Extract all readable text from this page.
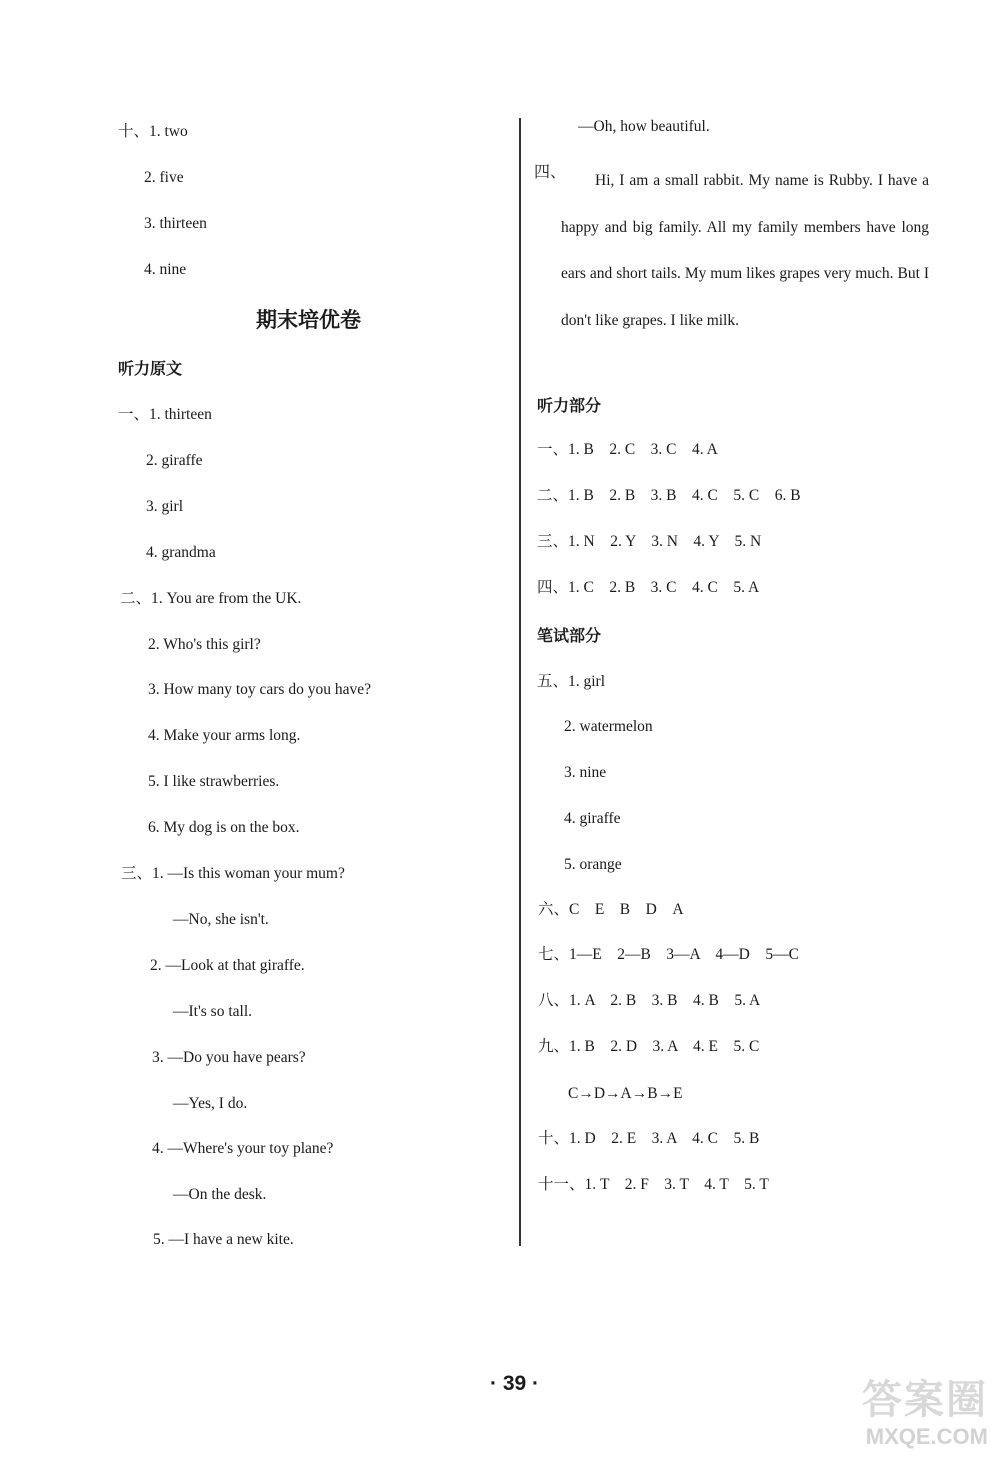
十、1. two
2. five
3. thirteen
4. nine
期末培优卷
听力原文
一、1. thirteen
2. giraffe
3. girl
4. grandma
二、1. You are from the UK.
2. Who's this girl?
3. How many toy cars do you have?
4. Make your arms long.
5. I like strawberries.
6. My dog is on the box.
三、1. —Is this woman your mum?
—No, she isn't.
2. —Look at that giraffe.
—It's so tall.
3. —Do you have pears?
—Yes, I do.
4. —Where's your toy plane?
—On the desk.
5. —I have a new kite.
—Oh, how beautiful.
四、	Hi, I am a small rabbit. My name is Rubby. I have a happy and big family. All my family members have long ears and short tails. My mum likes grapes very much. But I don't like grapes. I like milk.
听力部分
一、1. B　2. C　3. C　4. A
二、1. B　2. B　3. B　4. C　5. C　6. B
三、1. N　2. Y　3. N　4. Y　5. N
四、1. C　2. B　3. C　4. C　5. A
笔试部分
五、1. girl
2. watermelon
3. nine
4. giraffe
5. orange
六、C　E　B　D　A
七、1—E　2—B　3—A　4—D　5—C
八、1. A　2. B　3. B　4. B　5. A
九、1. B　2. D　3. A　4. E　5. C
C→D→A→B→E
十、1. D　2. E　3. A　4. C　5. B
十一、1. T　2. F　3. T　4. T　5. T
· 39 ·	答案圈
MXQE.COM
